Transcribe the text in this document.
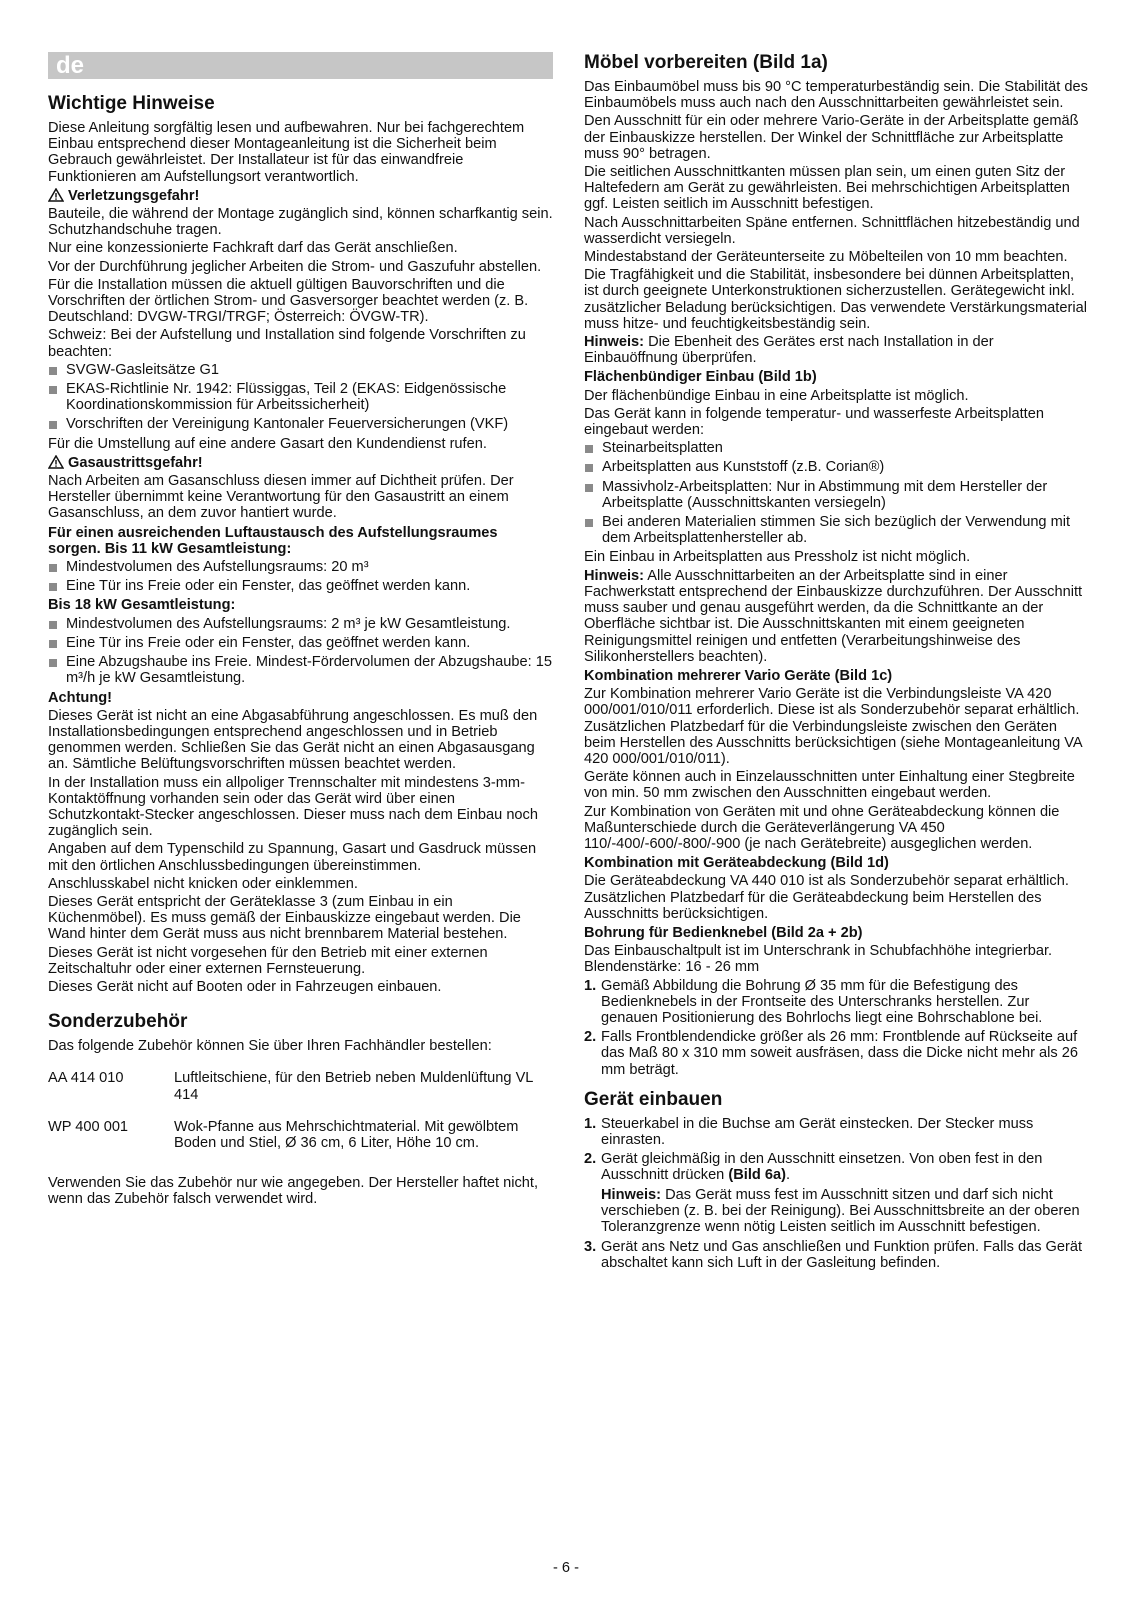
de
Wichtige Hinweise

Diese Anleitung sorgfältig lesen und aufbewahren. Nur bei fachgerechtem Einbau entsprechend dieser Montageanleitung ist die Sicherheit beim Gebrauch gewährleistet. Der Installateur ist für das einwandfreie Funktionieren am Aufstellungsort verantwortlich.

Verletzungsgefahr!

Bauteile, die während der Montage zugänglich sind, können scharfkantig sein. Schutzhandschuhe tragen.

Nur eine konzessionierte Fachkraft darf das Gerät anschließen.

Vor der Durchführung jeglicher Arbeiten die Strom- und Gaszufuhr abstellen.

Für die Installation müssen die aktuell gültigen Bauvorschriften und die Vorschriften der örtlichen Strom- und Gasversorger beachtet werden (z. B. Deutschland: DVGW-TRGI/TRGF; Österreich: ÖVGW-TR).

Schweiz: Bei der Aufstellung und Installation sind folgende Vorschriften zu beachten:

SVGW-Gasleitsätze G1
EKAS-Richtlinie Nr. 1942: Flüssiggas, Teil 2 (EKAS: Eidgenössische Koordinationskommission für Arbeitssicherheit)
Vorschriften der Vereinigung Kantonaler Feuerversicherungen (VKF)

Für die Umstellung auf eine andere Gasart den Kundendienst rufen.

Gasaustrittsgefahr!

Nach Arbeiten am Gasanschluss diesen immer auf Dichtheit prüfen. Der Hersteller übernimmt keine Verantwortung für den Gasaustritt an einem Gasanschluss, an dem zuvor hantiert wurde.

Für einen ausreichenden Luftaustausch des Aufstellungsraumes sorgen. Bis 11 kW Gesamtleistung:
Mindestvolumen des Aufstellungsraums: 20 m³
Eine Tür ins Freie oder ein Fenster, das geöffnet werden kann.
Bis 18 kW Gesamtleistung:
Mindestvolumen des Aufstellungsraums: 2 m³ je kW Gesamtleistung.
Eine Tür ins Freie oder ein Fenster, das geöffnet werden kann.
Eine Abzugshaube ins Freie. Mindest-Fördervolumen der Abzugshaube: 15 m³/h je kW Gesamtleistung.
Achtung!

Dieses Gerät ist nicht an eine Abgasabführung angeschlossen. Es muß den Installationsbedingungen entsprechend angeschlossen und in Betrieb genommen werden. Schließen Sie das Gerät nicht an einen Abgasausgang an. Sämtliche Belüftungsvorschriften müssen beachtet werden.

In der Installation muss ein allpoliger Trennschalter mit mindestens 3-mm-Kontaktöffnung vorhanden sein oder das Gerät wird über einen Schutzkontakt-Stecker angeschlossen. Dieser muss nach dem Einbau noch zugänglich sein.

Angaben auf dem Typenschild zu Spannung, Gasart und Gasdruck müssen mit den örtlichen Anschlussbedingungen übereinstimmen.

Anschlusskabel nicht knicken oder einklemmen.

Dieses Gerät entspricht der Geräteklasse 3 (zum Einbau in ein Küchenmöbel). Es muss gemäß der Einbauskizze eingebaut werden. Die Wand hinter dem Gerät muss aus nicht brennbarem Material bestehen.

Dieses Gerät ist nicht vorgesehen für den Betrieb mit einer externen Zeitschaltuhr oder einer externen Fernsteuerung.

Dieses Gerät nicht auf Booten oder in Fahrzeugen einbauen.

Sonderzubehör

Das folgende Zubehör können Sie über Ihren Fachhändler bestellen:

AA 414 010	Luftleitschiene, für den Betrieb neben Muldenlüftung VL 414
WP 400 001	Wok-Pfanne aus Mehrschichtmaterial. Mit gewölbtem Boden und Stiel, Ø 36 cm, 6 Liter, Höhe 10 cm.

Verwenden Sie das Zubehör nur wie angegeben. Der Hersteller haftet nicht, wenn das Zubehör falsch verwendet wird.

Möbel vorbereiten (Bild 1a)

Das Einbaumöbel muss bis 90 °C temperaturbeständig sein. Die Stabilität des Einbaumöbels muss auch nach den Ausschnittarbeiten gewährleistet sein.

Den Ausschnitt für ein oder mehrere Vario-Geräte in der Arbeitsplatte gemäß der Einbauskizze herstellen. Der Winkel der Schnittfläche zur Arbeitsplatte muss 90° betragen.

Die seitlichen Ausschnittkanten müssen plan sein, um einen guten Sitz der Haltefedern am Gerät zu gewährleisten. Bei mehrschichtigen Arbeitsplatten ggf. Leisten seitlich im Ausschnitt befestigen.

Nach Ausschnittarbeiten Späne entfernen. Schnittflächen hitzebeständig und wasserdicht versiegeln.

Mindestabstand der Geräteunterseite zu Möbelteilen von 10 mm beachten.

Die Tragfähigkeit und die Stabilität, insbesondere bei dünnen Arbeitsplatten, ist durch geeignete Unterkonstruktionen sicherzustellen. Gerätegewicht inkl. zusätzlicher Beladung berücksichtigen. Das verwendete Verstärkungsmaterial muss hitze- und feuchtigkeitsbeständig sein.

Hinweis: Die Ebenheit des Gerätes erst nach Installation in der Einbauöffnung überprüfen.

Flächenbündiger Einbau (Bild 1b)

Der flächenbündige Einbau in eine Arbeitsplatte ist möglich.

Das Gerät kann in folgende temperatur- und wasserfeste Arbeitsplatten eingebaut werden:

Steinarbeitsplatten
Arbeitsplatten aus Kunststoff (z.B. Corian®)
Massivholz-Arbeitsplatten: Nur in Abstimmung mit dem Hersteller der Arbeitsplatte (Ausschnittskanten versiegeln)
Bei anderen Materialien stimmen Sie sich bezüglich der Verwendung mit dem Arbeitsplattenhersteller ab.

Ein Einbau in Arbeitsplatten aus Pressholz ist nicht möglich.

Hinweis: Alle Ausschnittarbeiten an der Arbeitsplatte sind in einer Fachwerkstatt entsprechend der Einbauskizze durchzuführen. Der Ausschnitt muss sauber und genau ausgeführt werden, da die Schnittkante an der Oberfläche sichtbar ist. Die Ausschnittskanten mit einem geeigneten Reinigungsmittel reinigen und entfetten (Verarbeitungshinweise des Silikonherstellers beachten).

Kombination mehrerer Vario Geräte (Bild 1c)

Zur Kombination mehrerer Vario Geräte ist die Verbindungsleiste VA 420 000/001/010/011 erforderlich. Diese ist als Sonderzubehör separat erhältlich. Zusätzlichen Platzbedarf für die Verbindungsleiste zwischen den Geräten beim Herstellen des Ausschnitts berücksichtigen (siehe Montageanleitung VA 420 000/001/010/011).

Geräte können auch in Einzelausschnitten unter Einhaltung einer Stegbreite von min. 50 mm zwischen den Ausschnitten eingebaut werden.

Zur Kombination von Geräten mit und ohne Geräteabdeckung können die Maßunterschiede durch die Geräteverlängerung VA 450 110/-400/-600/-800/-900 (je nach Gerätebreite) ausgeglichen werden.

Kombination mit Geräteabdeckung (Bild 1d)

Die Geräteabdeckung VA 440 010 ist als Sonderzubehör separat erhältlich. Zusätzlichen Platzbedarf für die Geräteabdeckung beim Herstellen des Ausschnitts berücksichtigen.

Bohrung für Bedienknebel (Bild 2a + 2b)

Das Einbauschaltpult ist im Unterschrank in Schubfachhöhe integrierbar. Blendenstärke: 16 - 26 mm

1. Gemäß Abbildung die Bohrung Ø 35 mm für die Befestigung des Bedienknebels in der Frontseite des Unterschranks herstellen. Zur genauen Positionierung des Bohrlochs liegt eine Bohrschablone bei.
2. Falls Frontblendendicke größer als 26 mm: Frontblende auf Rückseite auf das Maß 80 x 310 mm soweit ausfräsen, dass die Dicke nicht mehr als 26 mm beträgt.
Gerät einbauen
1. Steuerkabel in die Buchse am Gerät einstecken. Der Stecker muss einrasten.
2. Gerät gleichmäßig in den Ausschnitt einsetzen. Von oben fest in den Ausschnitt drücken (Bild 6a).

Hinweis: Das Gerät muss fest im Ausschnitt sitzen und darf sich nicht verschieben (z. B. bei der Reinigung). Bei Ausschnittsbreite an der oberen Toleranzgrenze wenn nötig Leisten seitlich im Ausschnitt befestigen.

3. Gerät ans Netz und Gas anschließen und Funktion prüfen. Falls das Gerät abschaltet kann sich Luft in der Gasleitung befinden.
- 6 -
